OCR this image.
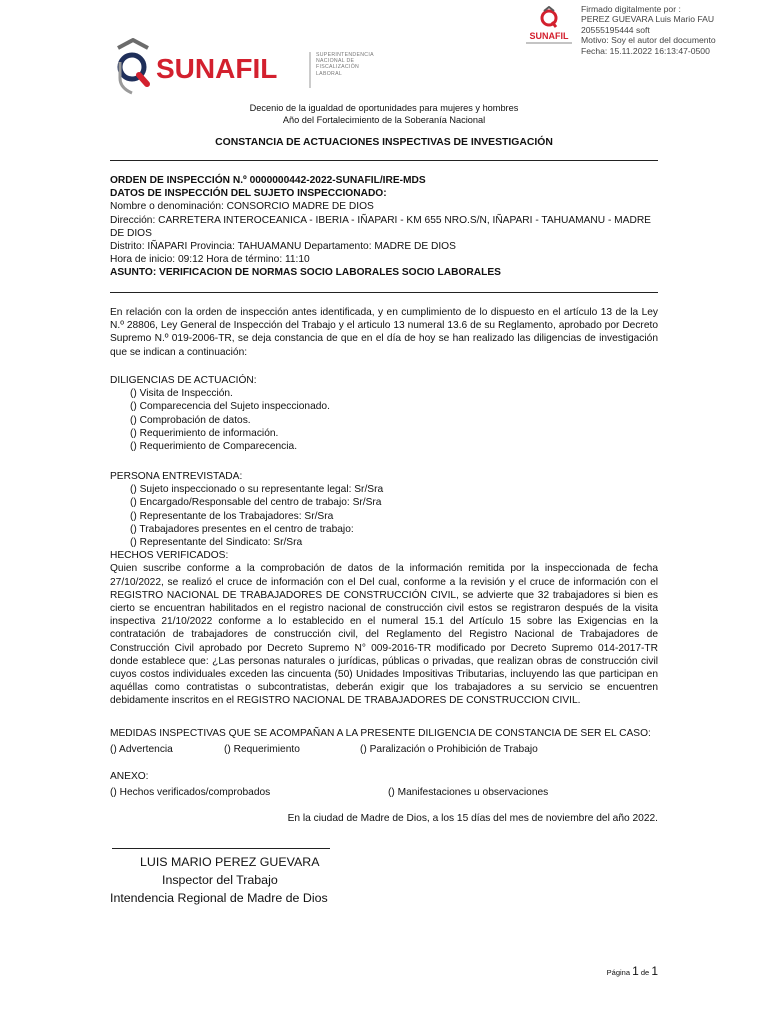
SUNAFIL
Firmado digitalmente por :
PEREZ GUEVARA Luis Mario FAU
20555195444 soft
Motivo: Soy el autor del documento
Fecha: 15.11.2022 16:13:47-0500
SUNAFIL	SUPERINTENDENCIA
NACIONAL DE
FISCALIZACIÓN
LABORAL
Decenio de la igualdad de oportunidades para mujeres y hombres
Año del Fortalecimiento de la Soberanía Nacional
CONSTANCIA DE ACTUACIONES INSPECTIVAS DE INVESTIGACIÓN
ORDEN DE INSPECCIÓN N.º 0000000442-2022-SUNAFIL/IRE-MDS
DATOS DE INSPECCIÓN DEL SUJETO INSPECCIONADO:
Nombre o denominación: CONSORCIO MADRE DE DIOS
Dirección: CARRETERA INTEROCEANICA - IBERIA - IÑAPARI - KM 655 NRO.S/N, IÑAPARI - TAHUAMANU - MADRE DE DIOS
Distrito: IÑAPARI Provincia: TAHUAMANU Departamento: MADRE DE DIOS
Hora de inicio: 09:12 Hora de término: 11:10
ASUNTO: VERIFICACION DE NORMAS SOCIO LABORALES SOCIO LABORALES
En relación con la orden de inspección antes identificada, y en cumplimiento de lo dispuesto en el artículo 13 de la Ley N.º 28806, Ley General de Inspección del Trabajo y el articulo 13 numeral 13.6 de su Reglamento, aprobado por Decreto Supremo N.º 019-2006-TR, se deja constancia de que en el día de hoy se han realizado las diligencias de investigación que se indican a continuación:
DILIGENCIAS DE ACTUACIÓN:
() Visita de Inspección.
() Comparecencia del Sujeto inspeccionado.
() Comprobación de datos.
() Requerimiento de información.
() Requerimiento de Comparecencia.
PERSONA ENTREVISTADA:
() Sujeto inspeccionado o su representante legal: Sr/Sra
() Encargado/Responsable del centro de trabajo: Sr/Sra
() Representante de los Trabajadores: Sr/Sra
() Trabajadores presentes en el centro de trabajo:
() Representante del Sindicato: Sr/Sra
HECHOS VERIFICADOS:
Quien suscribe conforme a la comprobación de datos de la información remitida por la inspeccionada de fecha 27/10/2022, se realizó el cruce de información con el Del cual, conforme a la revisión y el cruce de información con el REGISTRO NACIONAL DE TRABAJADORES DE CONSTRUCCIÓN CIVIL, se advierte que 32 trabajadores si bien es cierto se encuentran habilitados en el registro nacional de construcción civil estos se registraron después de la visita inspectiva 21/10/2022 conforme a lo establecido en el numeral 15.1 del Artículo 15 sobre las Exigencias en la contratación de trabajadores de construcción civil, del Reglamento del Registro Nacional de Trabajadores de Construcción Civil aprobado por Decreto Supremo N° 009-2016-TR modificado por Decreto Supremo 014-2017-TR donde establece que: ¿Las personas naturales o jurídicas, públicas o privadas, que realizan obras de construcción civil cuyos costos individuales exceden las cincuenta (50) Unidades Impositivas Tributarias, incluyendo las que participan en aquéllas como contratistas o subcontratistas, deberán exigir que los trabajadores a su servicio se encuentren debidamente inscritos en el REGISTRO NACIONAL DE TRABAJADORES DE CONSTRUCCION CIVIL.
MEDIDAS INSPECTIVAS QUE SE ACOMPAÑAN A LA PRESENTE DILIGENCIA DE CONSTANCIA DE SER EL CASO:
() Advertencia	() Requerimiento	() Paralización o Prohibición de Trabajo
ANEXO:
() Hechos verificados/comprobados	() Manifestaciones u observaciones
En la ciudad de Madre de Dios, a los 15 días del mes de noviembre del año 2022.
LUIS MARIO PEREZ GUEVARA
Inspector del Trabajo
Intendencia Regional de Madre de Dios
Página 1 de 1
